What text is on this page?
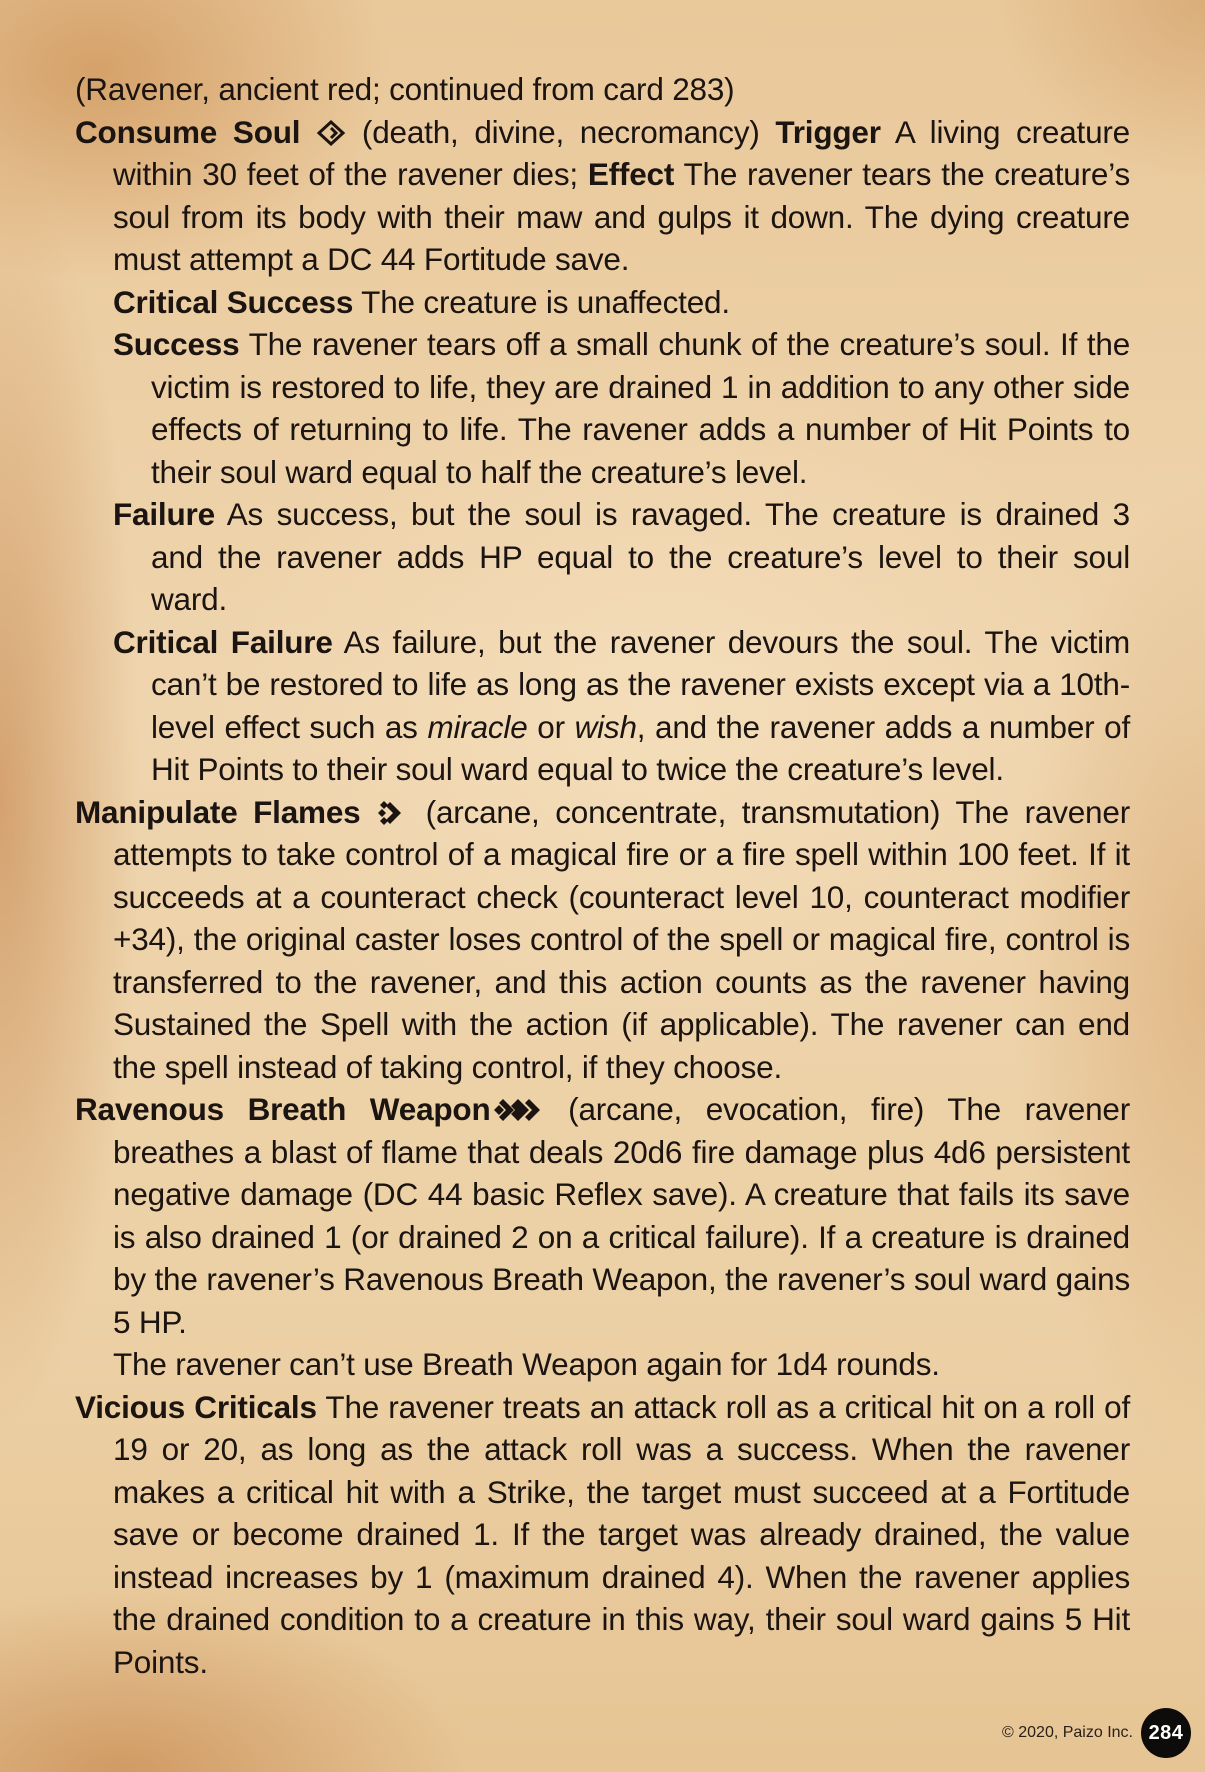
(Ravener, ancient red; continued from card 283)

Consume Soul (death, divine, necromancy) Trigger A living creature within 30 feet of the ravener dies; Effect The ravener tears the creature’s soul from its body with their maw and gulps it down. The dying creature must attempt a DC 44 Fortitude save.

Critical Success The creature is unaffected.

Success The ravener tears off a small chunk of the creature’s soul. If the victim is restored to life, they are drained 1 in addition to any other side effects of returning to life. The ravener adds a number of Hit Points to their soul ward equal to half the creature’s level.

Failure As success, but the soul is ravaged. The creature is drained 3 and the ravener adds HP equal to the creature’s level to their soul ward.

Critical Failure As failure, but the ravener devours the soul. The victim can’t be restored to life as long as the ravener exists except via a 10th-level effect such as miracle or wish, and the ravener adds a number of Hit Points to their soul ward equal to twice the creature’s level.

Manipulate Flames (arcane, concentrate, transmutation) The ravener attempts to take control of a magical fire or a fire spell within 100 feet. If it succeeds at a counteract check (counteract level 10, counteract modifier +34), the original caster loses control of the spell or magical fire, control is transferred to the ravener, and this action counts as the ravener having Sustained the Spell with the action (if applicable). The ravener can end the spell instead of taking control, if they choose.

Ravenous Breath Weapon (arcane, evocation, fire) The ravener breathes a blast of flame that deals 20d6 fire damage plus 4d6 persistent negative damage (DC 44 basic Reflex save). A creature that fails its save is also drained 1 (or drained 2 on a critical failure). If a creature is drained by the ravener’s Ravenous Breath Weapon, the ravener’s soul ward gains 5 HP.

The ravener can’t use Breath Weapon again for 1d4 rounds.

Vicious Criticals The ravener treats an attack roll as a critical hit on a roll of 19 or 20, as long as the attack roll was a success. When the ravener makes a critical hit with a Strike, the target must succeed at a Fortitude save or become drained 1. If the target was already drained, the value instead increases by 1 (maximum drained 4). When the ravener applies the drained condition to a creature in this way, their soul ward gains 5 Hit Points.

© 2020, Paizo Inc. 284
